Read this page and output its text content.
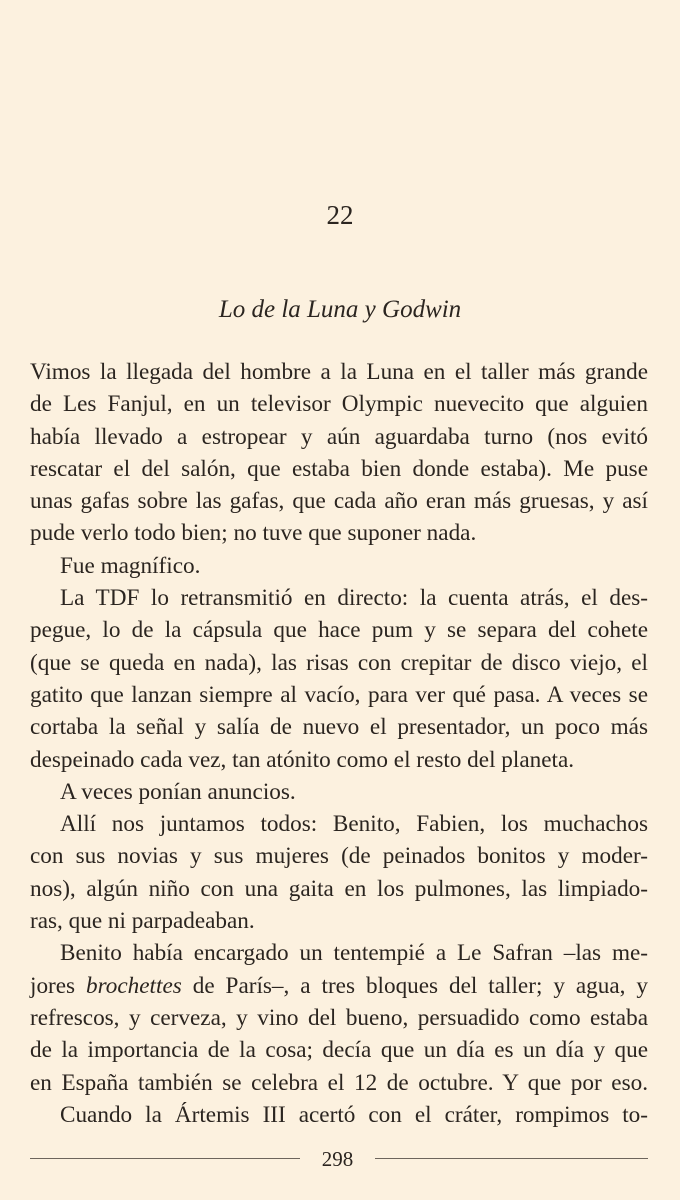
22
Lo de la Luna y Godwin
Vimos la llegada del hombre a la Luna en el taller más grande
de Les Fanjul, en un televisor Olympic nuevecito que alguien
había llevado a estropear y aún aguardaba turno (nos evitó
rescatar el del salón, que estaba bien donde estaba). Me puse
unas gafas sobre las gafas, que cada año eran más gruesas, y así
pude verlo todo bien; no tuve que suponer nada.
Fue magnífico.
La TDF lo retransmitió en directo: la cuenta atrás, el des-
pegue, lo de la cápsula que hace pum y se separa del cohete
(que se queda en nada), las risas con crepitar de disco viejo, el
gatito que lanzan siempre al vacío, para ver qué pasa. A veces se
cortaba la señal y salía de nuevo el presentador, un poco más
despeinado cada vez, tan atónito como el resto del planeta.
A veces ponían anuncios.
Allí nos juntamos todos: Benito, Fabien, los muchachos
con sus novias y sus mujeres (de peinados bonitos y moder-
nos), algún niño con una gaita en los pulmones, las limpiado-
ras, que ni parpadeaban.
Benito había encargado un tentempié a Le Safran –las me-
jores brochettes de París–, a tres bloques del taller; y agua, y
refrescos, y cerveza, y vino del bueno, persuadido como estaba
de la importancia de la cosa; decía que un día es un día y que
en España también se celebra el 12 de octubre. Y que por eso.
Cuando la Ártemis III acertó con el cráter, rompimos to-
298
